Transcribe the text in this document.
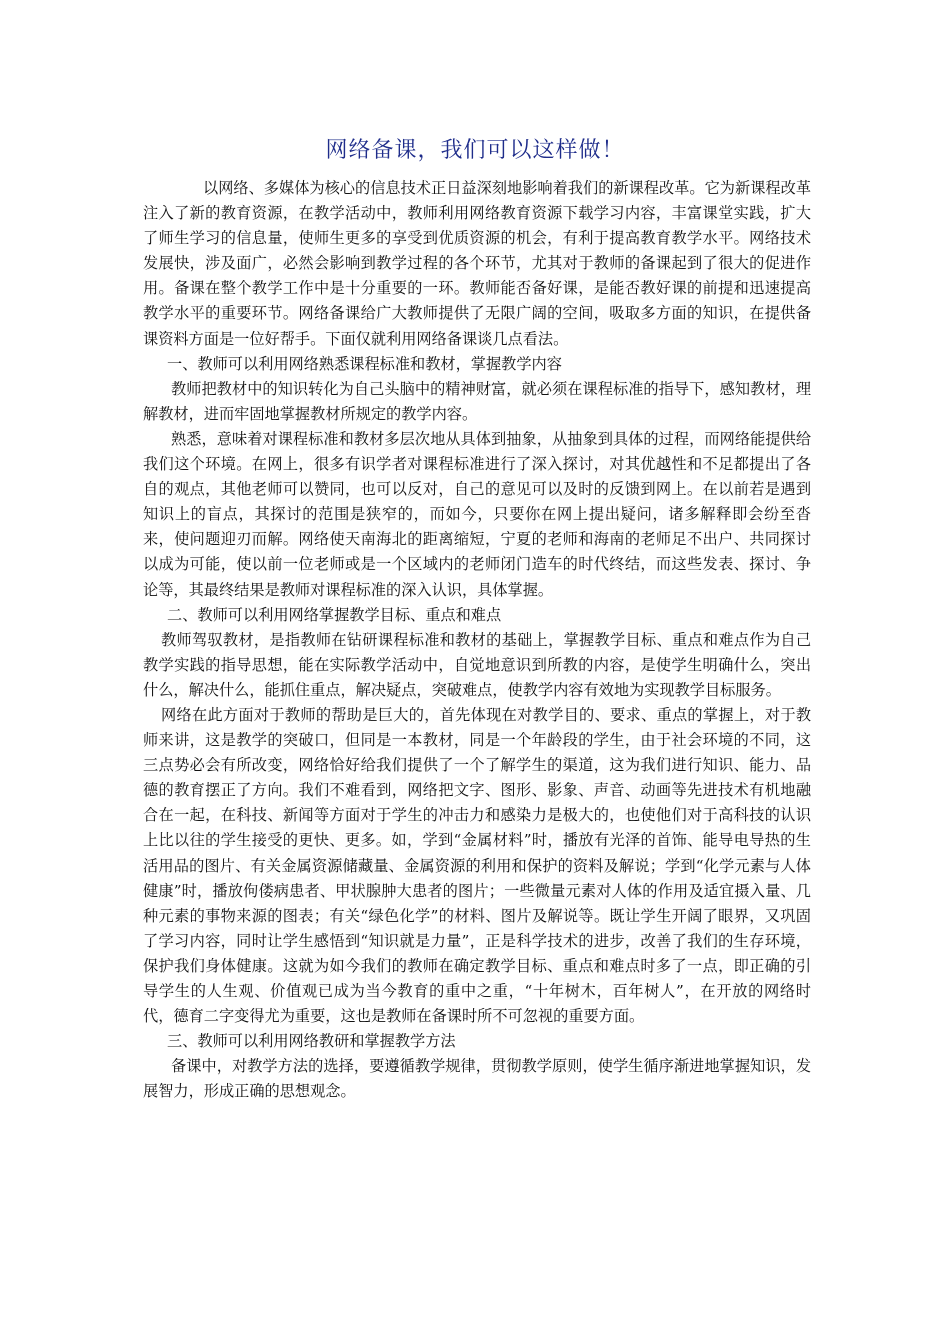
网络备课，我们可以这样做！

以网络、多媒体为核心的信息技术正日益深刻地影响着我们的新课程改革。它为新课程改革注入了新的教育资源，在教学活动中，教师利用网络教育资源下载学习内容，丰富课堂实践，扩大了师生学习的信息量，使师生更多的享受到优质资源的机会，有利于提高教育教学水平。网络技术发展快，涉及面广，必然会影响到教学过程的各个环节，尤其对于教师的备课起到了很大的促进作用。备课在整个教学工作中是十分重要的一环。教师能否备好课，是能否教好课的前提和迅速提高教学水平的重要环节。网络备课给广大教师提供了无限广阔的空间，吸取多方面的知识，在提供备课资料方面是一位好帮手。下面仅就利用网络备课谈几点看法。

一、教师可以利用网络熟悉课程标准和教材，掌握教学内容

教师把教材中的知识转化为自己头脑中的精神财富，就必须在课程标准的指导下，感知教材，理解教材，进而牢固地掌握教材所规定的教学内容。

熟悉，意味着对课程标准和教材多层次地从具体到抽象，从抽象到具体的过程，而网络能提供给我们这个环境。在网上，很多有识学者对课程标准进行了深入探讨，对其优越性和不足都提出了各自的观点，其他老师可以赞同，也可以反对，自己的意见可以及时的反馈到网上。在以前若是遇到知识上的盲点，其探讨的范围是狭窄的，而如今，只要你在网上提出疑问，诸多解释即会纷至沓来，使问题迎刃而解。网络使天南海北的距离缩短，宁夏的老师和海南的老师足不出户、共同探讨以成为可能，使以前一位老师或是一个区域内的老师闭门造车的时代终结，而这些发表、探讨、争论等，其最终结果是教师对课程标准的深入认识，具体掌握。

二、教师可以利用网络掌握教学目标、重点和难点

教师驾驭教材，是指教师在钻研课程标准和教材的基础上，掌握教学目标、重点和难点作为自己教学实践的指导思想，能在实际教学活动中，自觉地意识到所教的内容，是使学生明确什么，突出什么，解决什么，能抓住重点，解决疑点，突破难点，使教学内容有效地为实现教学目标服务。

网络在此方面对于教师的帮助是巨大的，首先体现在对教学目的、要求、重点的掌握上，对于教师来讲，这是教学的突破口，但同是一本教材，同是一个年龄段的学生，由于社会环境的不同，这三点势必会有所改变，网络恰好给我们提供了一个了解学生的渠道，这为我们进行知识、能力、品德的教育摆正了方向。我们不难看到，网络把文字、图形、影象、声音、动画等先进技术有机地融合在一起，在科技、新闻等方面对于学生的冲击力和感染力是极大的，也使他们对于高科技的认识上比以往的学生接受的更快、更多。如，学到“金属材料”时，播放有光泽的首饰、能导电导热的生活用品的图片、有关金属资源储藏量、金属资源的利用和保护的资料及解说；学到“化学元素与人体健康”时，播放佝偻病患者、甲状腺肿大患者的图片；一些微量元素对人体的作用及适宜摄入量、几种元素的事物来源的图表；有关“绿色化学”的材料、图片及解说等。既让学生开阔了眼界，又巩固了学习内容，同时让学生感悟到“知识就是力量”，正是科学技术的进步，改善了我们的生存环境，保护我们身体健康。这就为如今我们的教师在确定教学目标、重点和难点时多了一点，即正确的引导学生的人生观、价值观已成为当今教育的重中之重，“十年树木，百年树人”，在开放的网络时代，德育二字变得尤为重要，这也是教师在备课时所不可忽视的重要方面。

三、教师可以利用网络教研和掌握教学方法

备课中，对教学方法的选择，要遵循教学规律，贯彻教学原则，使学生循序渐进地掌握知识，发展智力，形成正确的思想观念。
